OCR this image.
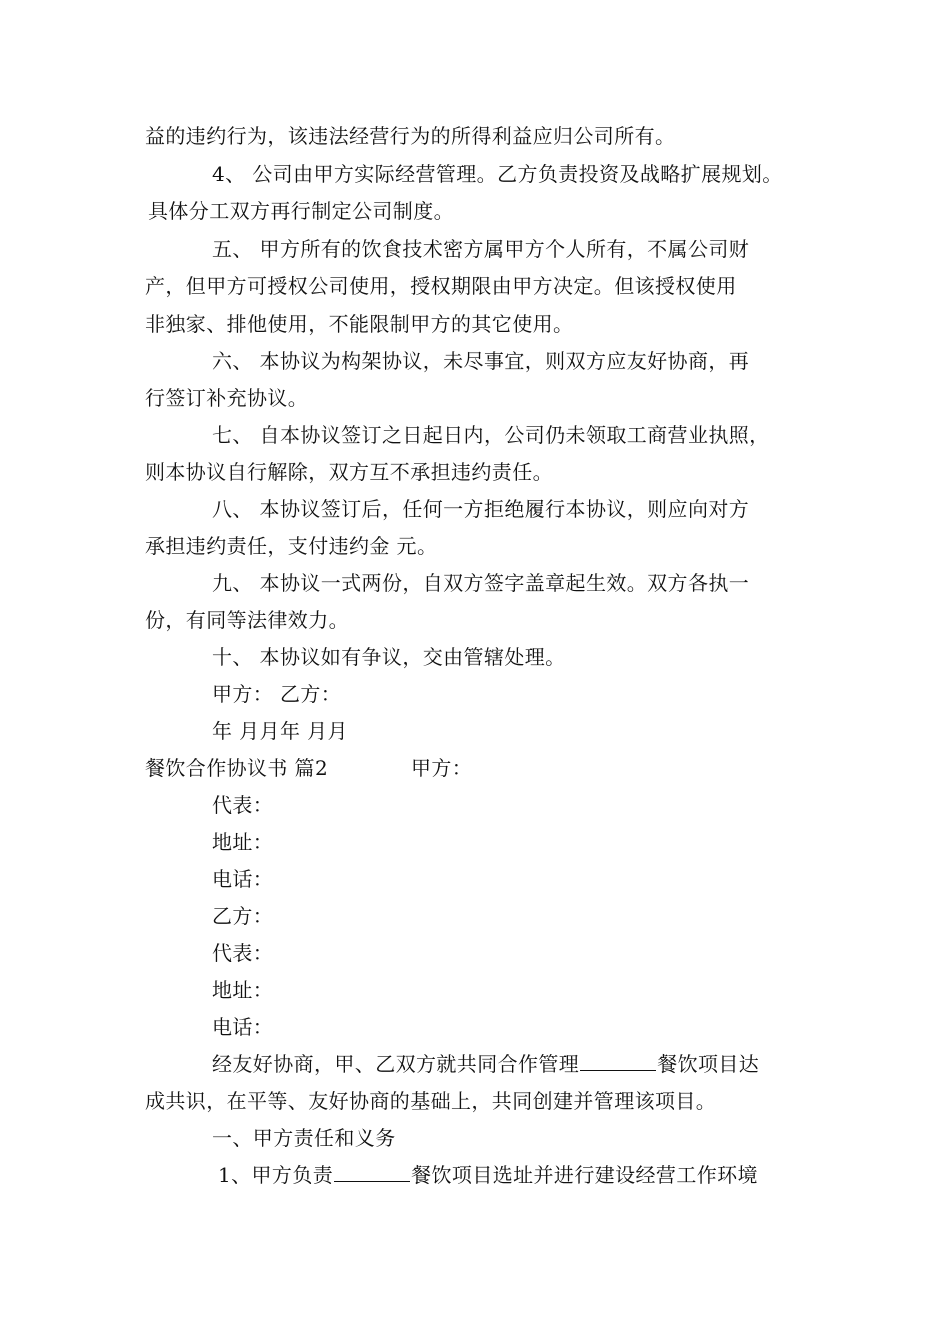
益的违约行为，该违法经营行为的所得利益应归公司所有。
4、 公司由甲方实际经营管理。乙方负责投资及战略扩展规划。
具体分工双方再行制定公司制度。
五、 甲方所有的饮食技术密方属甲方个人所有，不属公司财
产，但甲方可授权公司使用，授权期限由甲方决定。但该授权使用
非独家、排他使用，不能限制甲方的其它使用。
六、 本协议为构架协议，未尽事宜，则双方应友好协商，再
行签订补充协议。
七、 自本协议签订之日起日内，公司仍未领取工商营业执照，
则本协议自行解除，双方互不承担违约责任。
八、 本协议签订后，任何一方拒绝履行本协议，则应向对方
承担违约责任，支付违约金 元。
九、 本协议一式两份，自双方签字盖章起生效。双方各执一
份，有同等法律效力。
十、 本协议如有争议，交由管辖处理。
甲方： 乙方：
年 月月年 月月
餐饮合作协议书 篇2	甲方：
代表：
地址：
电话：
乙方：
代表：
地址：
电话：
经友好协商，甲、乙双方就共同合作管理	餐饮项目达
成共识，在平等、友好协商的基础上，共同创建并管理该项目。
一、甲方责任和义务
1、甲方负责	餐饮项目选址并进行建设经营工作环境
